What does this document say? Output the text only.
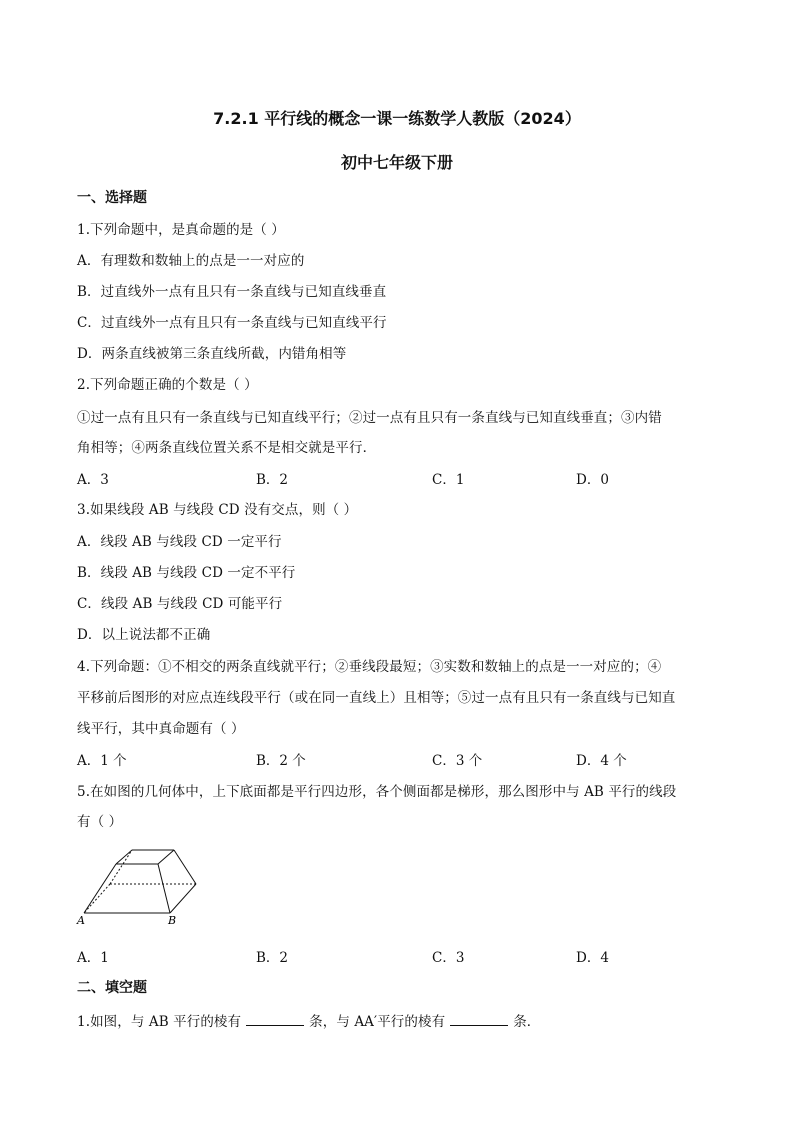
7.2.1 平行线的概念一课一练数学人教版（2024）
初中七年级下册
一、选择题
1.下列命题中，是真命题的是（ ）
A．有理数和数轴上的点是一一对应的
B．过直线外一点有且只有一条直线与已知直线垂直
C．过直线外一点有且只有一条直线与已知直线平行
D．两条直线被第三条直线所截，内错角相等
2.下列命题正确的个数是（ ）
①过一点有且只有一条直线与已知直线平行；②过一点有且只有一条直线与已知直线垂直；③内错
角相等；④两条直线位置关系不是相交就是平行．
A．3	B．2	C．1	D．0
3.如果线段 AB 与线段 CD 没有交点，则（ ）
A．线段 AB 与线段 CD 一定平行
B．线段 AB 与线段 CD 一定不平行
C．线段 AB 与线段 CD 可能平行
D．以上说法都不正确
4.下列命题：①不相交的两条直线就平行；②垂线段最短；③实数和数轴上的点是一一对应的；④
平移前后图形的对应点连线段平行（或在同一直线上）且相等；⑤过一点有且只有一条直线与已知直
线平行，其中真命题有（ ）
A．1 个	B．2 个	C．3 个	D．4 个
5.在如图的几何体中，上下底面都是平行四边形，各个侧面都是梯形，那么图形中与 AB 平行的线段
有（ ）
A	B
A．1	B．2	C．3	D．4
二、填空题
1.如图，与 AB 平行的棱有	条，与 AA′平行的棱有	条．
